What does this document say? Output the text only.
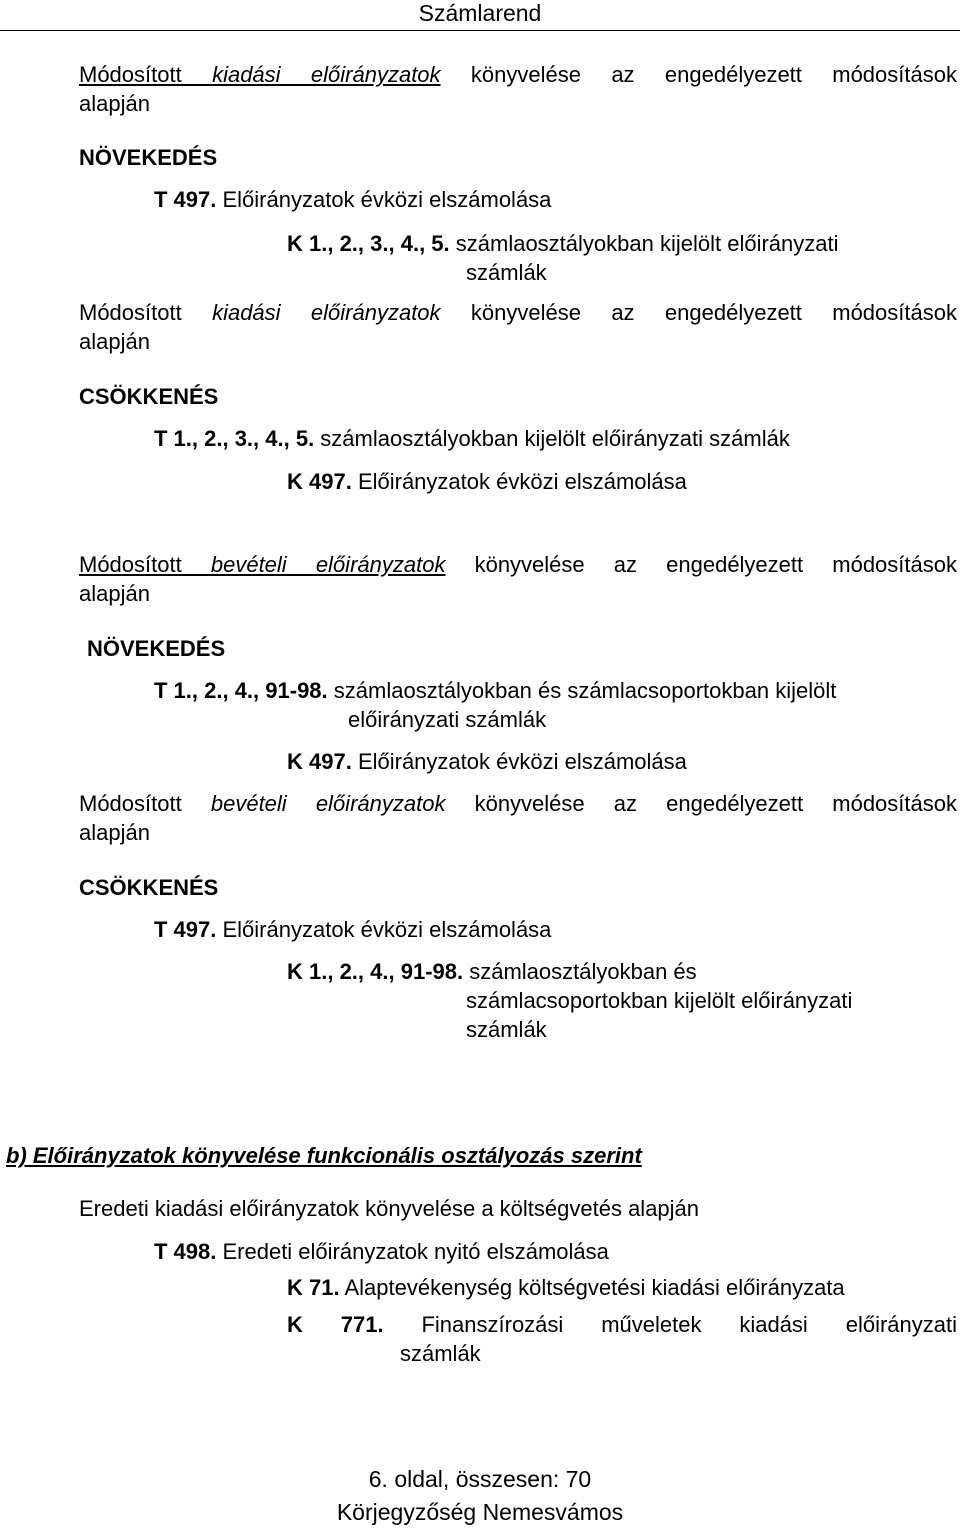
Számlarend
Módosított kiadási előirányzatok könyvelése az engedélyezett módosítások
alapján
NÖVEKEDÉS
T 497. Előirányzatok évközi elszámolása
K 1., 2., 3., 4., 5. számlaosztályokban kijelölt előirányzati
számlák
Módosított kiadási előirányzatok könyvelése az engedélyezett módosítások
alapján
CSÖKKENÉS
T 1., 2., 3., 4., 5. számlaosztályokban kijelölt előirányzati számlák
K 497. Előirányzatok évközi elszámolása
Módosított bevételi előirányzatok könyvelése az engedélyezett módosítások
alapján
NÖVEKEDÉS
T 1., 2., 4., 91-98. számlaosztályokban és számlacsoportokban kijelölt
előirányzati számlák
K 497. Előirányzatok évközi elszámolása
Módosított bevételi előirányzatok könyvelése az engedélyezett módosítások
alapján
CSÖKKENÉS
T 497. Előirányzatok évközi elszámolása
K 1., 2., 4., 91-98. számlaosztályokban és
számlacsoportokban kijelölt előirányzati
számlák
b) Előirányzatok könyvelése funkcionális osztályozás szerint
Eredeti kiadási előirányzatok könyvelése a költségvetés alapján
T 498. Eredeti előirányzatok nyitó elszámolása
K 71. Alaptevékenység költségvetési kiadási előirányzata
K 771. Finanszírozási műveletek kiadási előirányzati
számlák
6. oldal, összesen: 70
Körjegyzőség Nemesvámos
